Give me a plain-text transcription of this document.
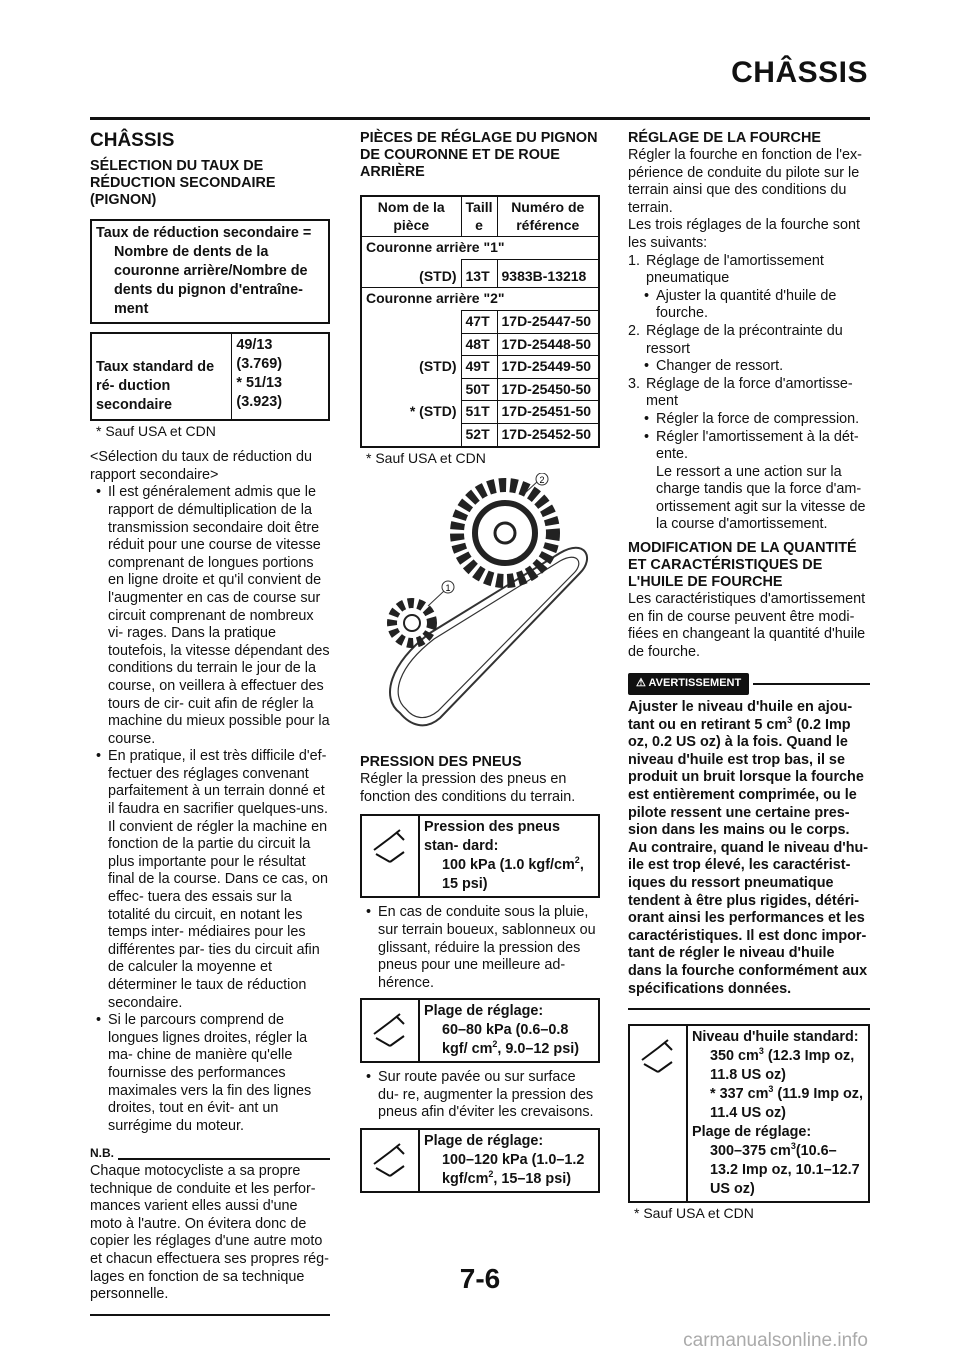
CHÂSSIS
CHÂSSIS
SÉLECTION DU TAUX DE RÉDUCTION SECONDAIRE (PIGNON)
Taux de réduction secondaire =
Nombre de dents de la couronne arrière/Nombre de dents du pignon d'entraîne- ment
Taux standard de ré- duction secondaire
49/13
(3.769)
* 51/13
(3.923)
* Sauf USA et CDN

<Sélection du taux de réduction du rapport secondaire>

• Il est généralement admis que le rapport de démultiplication de la transmission secondaire doit être réduit pour une course de vitesse comprenant de longues portions en ligne droite et qu'il convient de l'augmenter en cas de course sur circuit comprenant de nombreux vi- rages. Dans la pratique toutefois, la vitesse dépendant des conditions du terrain le jour de la course, on veillera à effectuer des tours de cir- cuit afin de régler la machine du mieux possible pour la course.

• En pratique, il est très difficile d'ef- fectuer des réglages convenant parfaitement à un terrain donné et il faudra en sacrifier quelques-uns. Il convient de régler la machine en fonction de la partie du circuit la plus importante pour le résultat final de la course. Dans ce cas, on effec- tuera des essais sur la totalité du circuit, en notant les temps inter- médiaires pour les différentes par- ties du circuit afin de calculer la moyenne et déterminer le taux de réduction secondaire.

• Si le parcours comprend de longues lignes droites, régler la ma- chine de manière qu'elle fournisse des performances maximales vers la fin des lignes droites, tout en évit- ant un surrégime du moteur.

N.B.

Chaque motocycliste a sa propre technique de conduite et les perfor- mances varient elles aussi d'une moto à l'autre. On évitera donc de copier les réglages d'une autre moto et chacun effectuera ses propres rég- lages en fonction de sa technique personnelle.

PIÈCES DE RÉGLAGE DU PIGNON DE COURONNE ET DE ROUE ARRIÈRE
Nom de la pièce	Taill e	Numéro de référence
Couronne arrière "1"		
(STD)	13T	9383B-13218
Couronne arrière "2"		
	47T	17D-25447-50
	48T	17D-25448-50
(STD)	49T	17D-25449-50
	50T	17D-25450-50
* (STD)	51T	17D-25451-50
	52T	17D-25452-50
* Sauf USA et CDN
1
2
PRESSION DES PNEUS

Régler la pression des pneus en fonction des conditions du terrain.

Pression des pneus stan- dard:
100 kPa (1.0 kgf/$cm^2$, 15 psi)

• En cas de conduite sous la pluie, sur terrain boueux, sablonneux ou glissant, réduire la pression des pneus pour une meilleure ad- hérence.

Plage de réglage:
60–80 kPa (0.6–0.8 kgf/ $cm^2$, 9.0–12 psi)

• Sur route pavée ou sur surface du- re, augmenter la pression des pneus afin d'éviter les crevaisons.

Plage de réglage:
100–120 kPa (1.0–1.2 kgf/$cm^2$, 15–18 psi)
RÉGLAGE DE LA FOURCHE

Régler la fourche en fonction de l'ex- périence de conduite du pilote sur le terrain ainsi que des conditions du terrain.

Les trois réglages de la fourche sont les suivants:

1. Réglage de l'amortissement pneumatique

• Ajuster la quantité d'huile de fourche.

2. Réglage de la précontrainte du ressort

• Changer de ressort.

3. Réglage de la force d'amortisse- ment

• Régler la force de compression.

• Régler l'amortissement à la dét- ente.

Le ressort a une action sur la charge tandis que la force d'am- ortissement agit sur la vitesse de la course d'amortissement.

MODIFICATION DE LA QUANTITÉ ET CARACTÉRISTIQUES DE L'HUILE DE FOURCHE

Les caractéristiques d'amortissement en fin de course peuvent être modi- fiées en changeant la quantité d'huile de fourche.

⚠ AVERTISSEMENT

Ajuster le niveau d'huile en ajou- tant ou en retirant 5 $cm^3$ (0.2 Imp oz, 0.2 US oz) à la fois. Quand le niveau d'huile est trop bas, il se produit un bruit lorsque la fourche est entièrement comprimée, ou le pilote ressent une certaine pres- sion dans les mains ou le corps. Au contraire, quand le niveau d'hu- ile est trop élevé, les caractérist- iques du ressort pneumatique tendent à être plus rigides, détéri- orant ainsi les performances et les caractéristiques. Il est donc impor- tant de régler le niveau d'huile dans la fourche conformément aux spécifications données.

Niveau d'huile standard:
350 $cm^3$ (12.3 Imp oz, 11.8 US oz)
* 337 $cm^3$ (11.9 Imp oz, 11.4 US oz)
Plage de réglage:
300–375 $cm^3(10.6-13.2$ Imp oz, 10.1–12.7 US oz)
* Sauf USA et CDN
7-6
carmanualsonline.info
